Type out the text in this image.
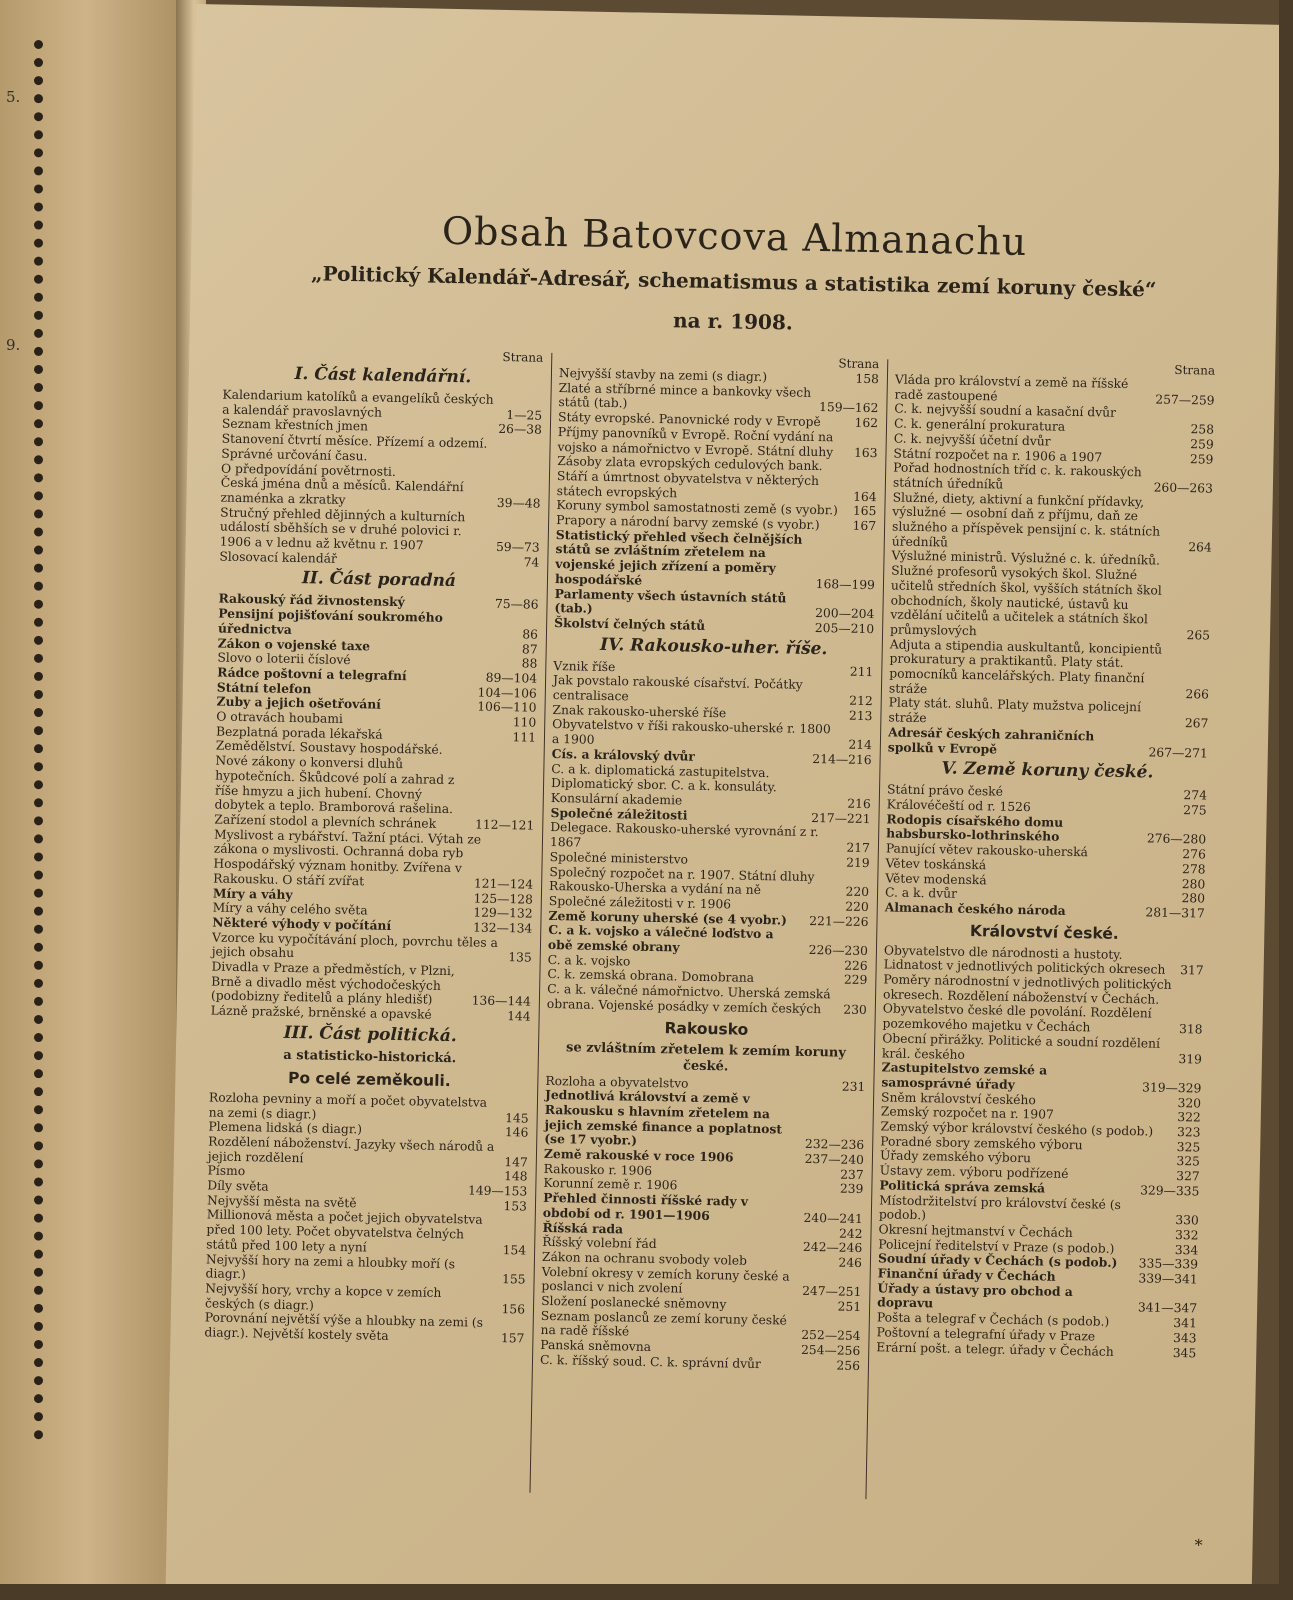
5.
9.
Obsah Batovcova Almanachu
„Politický Kalendář-Adresář, schematismus a statistika zemí koruny české“
na r. 1908.
Strana
I. Část kalendářní.
Kalendarium katolíků a evangelíků českých a kalendář pravoslavných	1—25
Seznam křestních jmen	26—38
Stanovení čtvrtí měsíce. Přízemí a odzemí. Správné určování času.
O předpovídání povětrnosti.
Česká jména dnů a měsíců. Kalendářní znaménka a zkratky	39—48
Stručný přehled dějinných a kulturních událostí sběhších se v druhé polovici r. 1906 a v lednu až květnu r. 1907	59—73
Slosovací kalendář	74
II. Část poradná
Rakouský řád živnostenský	75—86
Pensijní pojišťování soukromého úřednictva	86
Zákon o vojenské taxe	87
Slovo o loterii číslové	88
Rádce poštovní a telegrafní	89—104
Státní telefon	104—106
Zuby a jejich ošetřování	106—110
O otravách houbami	110
Bezplatná porada lékařská	111
Zemědělství. Soustavy hospodářské. Nové zákony o konversi dluhů hypotečních. Škůdcové polí a zahrad z říše hmyzu a jich hubení. Chovný dobytek a teplo. Bramborová rašelina. Zařízení stodol a plevních schránek	112—121
Myslivost a rybářství. Tažní ptáci. Výtah ze zákona o myslivosti. Ochranná doba ryb
Hospodářský význam honitby. Zvířena v Rakousku. O stáří zvířat	121—124
Míry a váhy	125—128
Míry a váhy celého světa	129—132
Některé výhody v počítání	132—134
Vzorce ku vypočítávání ploch, povrchu těles a jejich obsahu	135
Divadla v Praze a předměstích, v Plzni, Brně a divadlo měst východočeských (podobizny ředitelů a plány hledišť)	136—144
Lázně pražské, brněnské a opavské	144
III. Část politická.
a statisticko-historická.
Po celé zeměkouli.
Rozloha pevniny a moří a počet obyvatelstva na zemi (s diagr.)	145
Plemena lidská (s diagr.)	146
Rozdělení náboženství. Jazyky všech národů a jejich rozdělení	147
Písmo	148
Díly světa	149—153
Nejvyšší města na světě	153
Millionová města a počet jejich obyvatelstva před 100 lety. Počet obyvatelstva čelných států před 100 lety a nyní	154
Nejvyšší hory na zemi a hloubky moří (s diagr.)	155
Nejvyšší hory, vrchy a kopce v zemích českých (s diagr.)	156
Porovnání největší výše a hloubky na zemi (s diagr.). Největší kostely světa	157
Strana
Nejvyšší stavby na zemi (s diagr.)	158
Zlaté a stříbrné mince a bankovky všech států (tab.)	159—162
Státy evropské. Panovnické rody v Evropě	162
Příjmy panovníků v Evropě. Roční vydání na vojsko a námořnictvo v Evropě. Státní dluhy	163
Zásoby zlata evropských cedulových bank. Stáří a úmrtnost obyvatelstva v některých státech evropských	164
Koruny symbol samostatnosti země (s vyobr.)	165
Prapory a národní barvy zemské (s vyobr.)	167
Statistický přehled všech čelnějších států se zvláštním zřetelem na vojenské jejich zřízení a poměry hospodářské	168—199
Parlamenty všech ústavních států (tab.)	200—204
Školství čelných států	205—210
IV. Rakousko-uher. říše.
Vznik říše	211
Jak povstalo rakouské císařství. Počátky centralisace	212
Znak rakousko-uherské říše	213
Obyvatelstvo v říši rakousko-uherské r. 1800 a 1900	214
Cís. a královský dvůr	214—216
C. a k. diplomatická zastupitelstva. Diplomatický sbor. C. a k. konsuláty. Konsulární akademie	216
Společné záležitosti	217—221
Delegace. Rakousko-uherské vyrovnání z r. 1867	217
Společné ministerstvo	219
Společný rozpočet na r. 1907. Státní dluhy Rakousko-Uherska a vydání na ně	220
Společné záležitosti v r. 1906	220
Země koruny uherské (se 4 vyobr.)	221—226
C. a k. vojsko a válečné loďstvo a obě zemské obrany	226—230
C. a k. vojsko	226
C. k. zemská obrana. Domobrana	229
C. a k. válečné námořnictvo. Uherská zemská obrana. Vojenské posádky v zemích českých	230
Rakousko
se zvláštním zřetelem k zemím koruny české.
Rozloha a obyvatelstvo	231
Jednotlivá království a země v Rakousku s hlavním zřetelem na jejich zemské finance a poplatnost (se 17 vyobr.)	232—236
Země rakouské v roce 1906	237—240
Rakousko r. 1906	237
Korunní země r. 1906	239
Přehled činnosti říšské rady v období od r. 1901—1906	240—241
Říšská rada	242
Říšský volební řád	242—246
Zákon na ochranu svobody voleb	246
Volební okresy v zemích koruny české a poslanci v nich zvolení	247—251
Složení poslanecké sněmovny	251
Seznam poslanců ze zemí koruny české na radě říšské	252—254
Panská sněmovna	254—256
C. k. říšský soud. C. k. správní dvůr	256
Strana
Vláda pro království a země na říšské radě zastoupené	257—259
C. k. nejvyšší soudní a kasační dvůr
C. k. generální prokuratura	258
C. k. nejvyšší účetní dvůr	259
Státní rozpočet na r. 1906 a 1907	259
Pořad hodnostních tříd c. k. rakouských státních úředníků	260—263
Služné, diety, aktivní a funkční přídavky, výslužné — osobní daň z příjmu, daň ze služného a příspěvek pensijní c. k. státních úředníků	264
Výslužné ministrů. Výslužné c. k. úředníků. Služné profesorů vysokých škol. Služné učitelů středních škol, vyšších státních škol obchodních, školy nautické, ústavů ku vzdělání učitelů a učitelek a státních škol průmyslových	265
Adjuta a stipendia auskultantů, koncipientů prokuratury a praktikantů. Platy stát. pomocníků kancelářských. Platy finanční stráže	266
Platy stát. sluhů. Platy mužstva policejní stráže	267
Adresář českých zahraničních spolků v Evropě	267—271
V. Země koruny české.
Státní právo české	274
Královéčeští od r. 1526	275
Rodopis císařského domu habsbursko-lothrinského	276—280
Panující větev rakousko-uherská	276
Větev toskánská	278
Větev modenská	280
C. a k. dvůr	280
Almanach českého národa	281—317
Království české.
Obyvatelstvo dle národnosti a hustoty. Lidnatost v jednotlivých politických okresech	317
Poměry národnostní v jednotlivých politických okresech. Rozdělení náboženství v Čechách. Obyvatelstvo české dle povolání. Rozdělení pozemkového majetku v Čechách	318
Obecní přirážky. Politické a soudní rozdělení král. českého	319
Zastupitelstvo zemské a samosprávné úřady	319—329
Sněm království českého	320
Zemský rozpočet na r. 1907	322
Zemský výbor království českého (s podob.)	323
Poradné sbory zemského výboru	325
Úřady zemského výboru	325
Ústavy zem. výboru podřízené	327
Politická správa zemská	329—335
Místodržitelství pro království české (s podob.)	330
Okresní hejtmanství v Čechách	332
Policejní ředitelství v Praze (s podob.)	334
Soudní úřady v Čechách (s podob.)	335—339
Finanční úřady v Čechách	339—341
Úřady a ústavy pro obchod a dopravu	341—347
Pošta a telegraf v Čechách (s podob.)	341
Poštovní a telegrafní úřady v Praze	343
Erární pošt. a telegr. úřady v Čechách	345
*
